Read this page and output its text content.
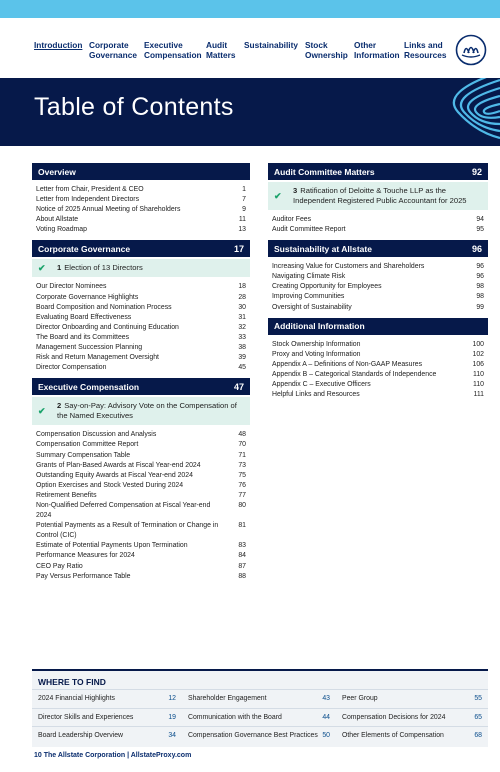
Introduction Corporate Governance
Executive Compensation
Audit Matters
Sustainability Stock Ownership
Other Information
Links and Resources
Table of Contents
Overview
Letter from Chair, President & CEO	1
Letter from Independent Directors	7
Notice of 2025 Annual Meeting of Shareholders	9
About Allstate	11
Voting Roadmap	13
Corporate Governance	17
✔	1 Election of 13 Directors
Our Director Nominees	18
Corporate Governance Highlights	28
Board Composition and Nomination Process	30
Evaluating Board Effectiveness	31
Director Onboarding and Continuing Education	32
The Board and its Committees	33
Management Succession Planning	38
Risk and Return Management Oversight	39
Director Compensation	45
Executive Compensation	47
✔
2 Say-on-Pay: Advisory Vote on the Compensation of the Named Executives
Compensation Discussion and Analysis	48
Compensation Committee Report	70
Summary Compensation Table	71
Grants of Plan-Based Awards at Fiscal Year-end 2024	73
Outstanding Equity Awards at Fiscal Year-end 2024	75
Option Exercises and Stock Vested During 2024	76
Retirement Benefits	77
Non-Qualified Deferred Compensation at Fiscal Year-end 2024
80
Potential Payments as a Result of Termination or Change in Control (CIC)
81
Estimate of Potential Payments Upon Termination	83
Performance Measures for 2024	84
CEO Pay Ratio	87
Pay Versus Performance Table	88
Audit Committee Matters	92
✔
3 Ratification of Deloitte & Touche LLP as the Independent Registered Public Accountant for 2025
Auditor Fees	94
Audit Committee Report	95
Sustainability at Allstate	96
Increasing Value for Customers and Shareholders	96
Navigating Climate Risk	96
Creating Opportunity for Employees	98
Improving Communities	98
Oversight of Sustainability	99
Additional Information
Stock Ownership Information	100
Proxy and Voting Information	102
Appendix A – Definitions of Non-GAAP Measures	106
Appendix B – Categorical Standards of Independence	110
Appendix C – Executive Officers	110
Helpful Links and Resources	111
WHERE TO FIND
2024 Financial Highlights	12 Shareholder Engagement	43 Peer Group	55
Director Skills and Experiences	19 Communication with the Board	44 Compensation Decisions for 2024	65
Board Leadership Overview	34 Compensation Governance Best Practices 50 Other Elements of Compensation	68
10 The Allstate Corporation | AllstateProxy.com
